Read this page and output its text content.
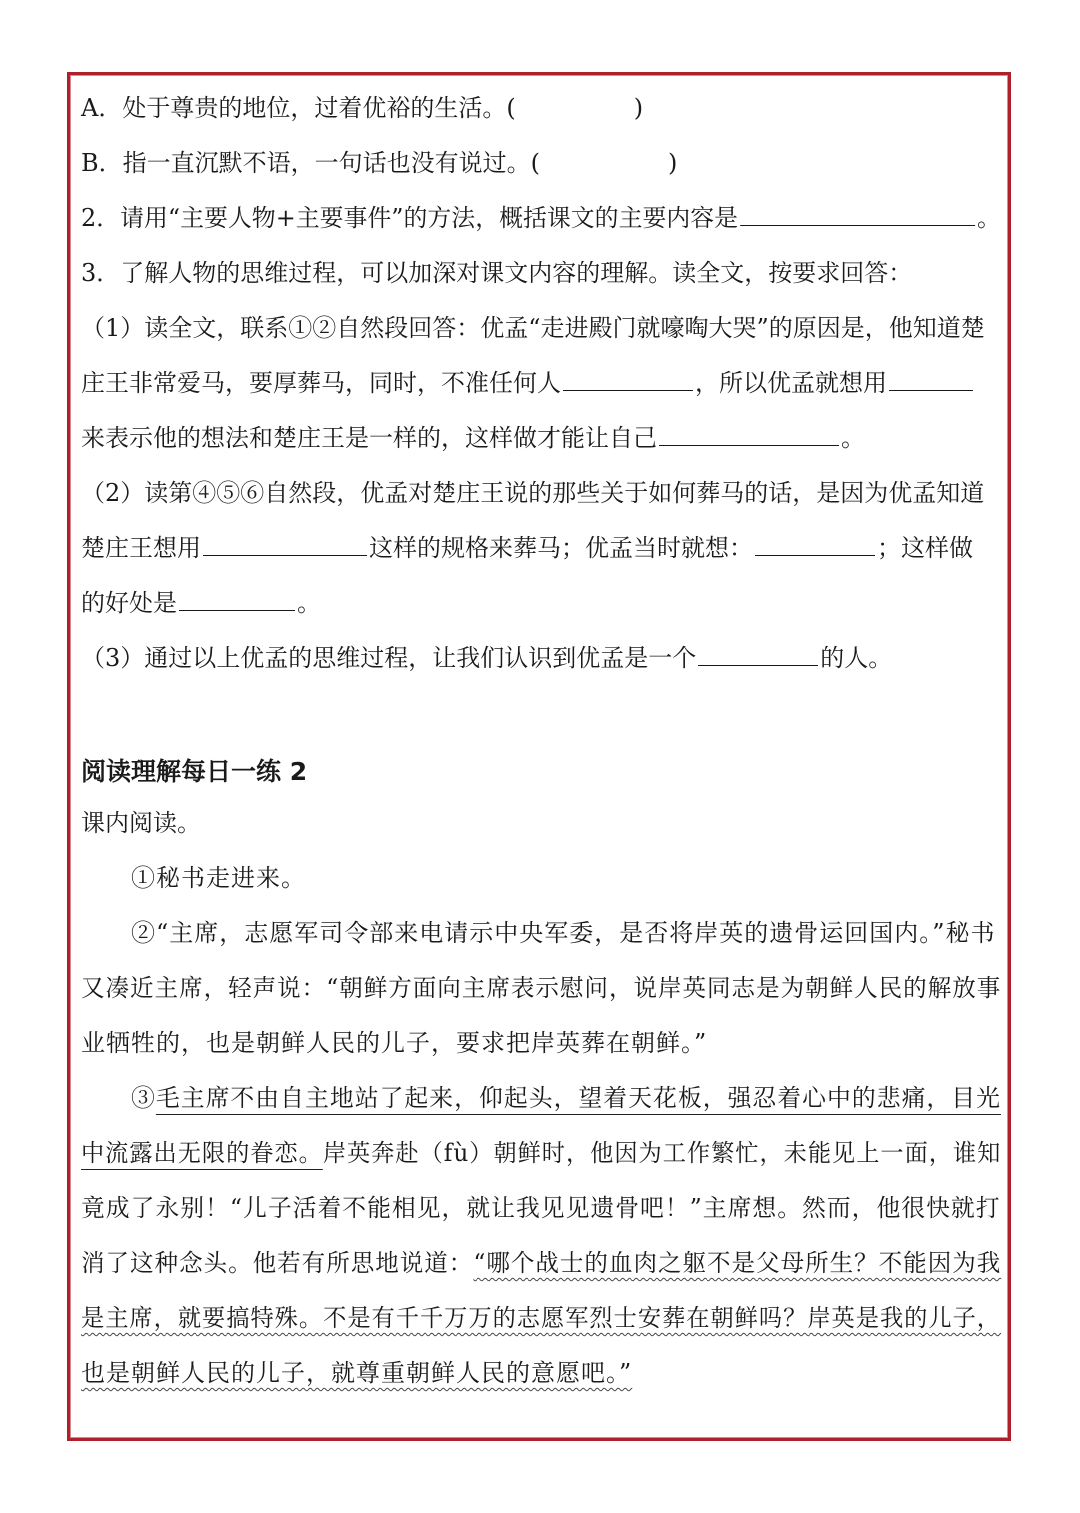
A．处于尊贵的地位，过着优裕的生活。(	)
B．指一直沉默不语，一句话也没有说过。(	)
2．请用“主要人物+主要事件”的方法，概括课文的主要内容是	。
3．了解人物的思维过程，可以加深对课文内容的理解。读全文，按要求回答：
（1）读全文，联系①②自然段回答：优孟“走进殿门就嚎啕大哭”的原因是，他知道楚
庄王非常爱马，要厚葬马，同时，不准任何人	，所以优孟就想用
来表示他的想法和楚庄王是一样的，这样做才能让自己	。
（2）读第④⑤⑥自然段，优孟对楚庄王说的那些关于如何葬马的话，是因为优孟知道
楚庄王想用	这样的规格来葬马；优孟当时就想：	；这样做
的好处是	。
（3）通过以上优孟的思维过程，让我们认识到优孟是一个	的人。
阅读理解每日一练 2
课内阅读。
①秘书走进来。
②“主席，志愿军司令部来电请示中央军委，是否将岸英的遗骨运回国内。”秘书
又凑近主席，轻声说：“朝鲜方面向主席表示慰问，说岸英同志是为朝鲜人民的解放事
业牺牲的，也是朝鲜人民的儿子，要求把岸英葬在朝鲜。”
③毛主席不由自主地站了起来，仰起头，望着天花板，强忍着心中的悲痛，目光
中流露出无限的眷恋。岸英奔赴（fù）朝鲜时，他因为工作繁忙，未能见上一面，谁知
竟成了永别！“儿子活着不能相见，就让我见见遗骨吧！”主席想。然而，他很快就打
消了这种念头。他若有所思地说道：“哪个战士的血肉之躯不是父母所生？不能因为我
是主席，就要搞特殊。不是有千千万万的志愿军烈士安葬在朝鲜吗？岸英是我的儿子，
也是朝鲜人民的儿子，就尊重朝鲜人民的意愿吧。”
